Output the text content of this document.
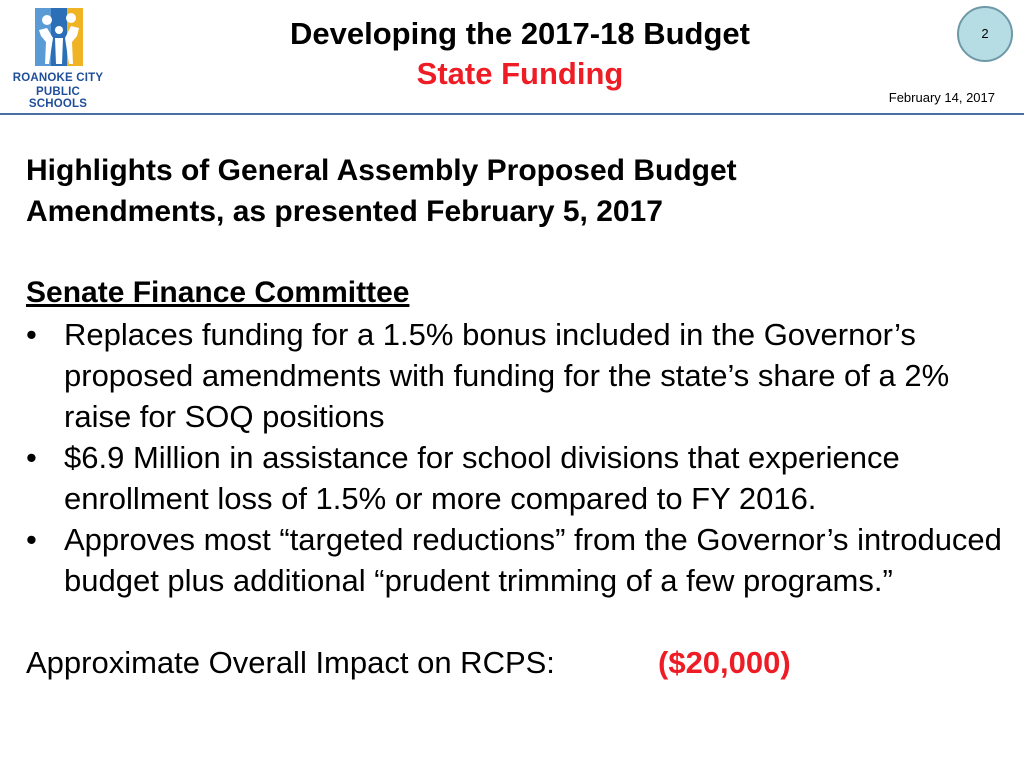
ROANOKE CITY
PUBLIC SCHOOLS
Developing the 2017-18 Budget
State Funding
2
February 14, 2017

Highlights of General Assembly Proposed Budget
Amendments, as presented February 5, 2017

Senate Finance Committee

• Replaces funding for a 1.5% bonus included in the Governor’s proposed amendments with funding for the state’s share of a 2% raise for SOQ positions
• $6.9 Million in assistance for school divisions that experience enrollment loss of 1.5% or more compared to FY 2016.
• Approves most “targeted reductions” from the Governor’s introduced budget plus additional “prudent trimming of a few programs.”
Approximate Overall Impact on RCPS:	($20,000)
